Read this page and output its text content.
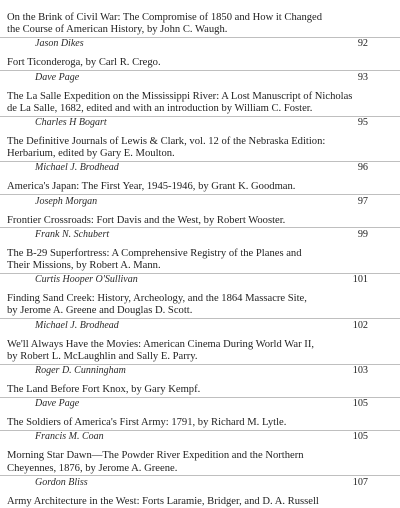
On the Brink of Civil War: The Compromise of 1850 and How it Changed
the Course of American History, by John C. Waugh.
Jason Dikes	92
Fort Ticonderoga, by Carl R. Crego.
Dave Page	93
The La Salle Expedition on the Mississippi River: A Lost Manuscript of Nicholas
de La Salle, 1682, edited and with an introduction by William C. Foster.
Charles H Bogart	95
The Definitive Journals of Lewis & Clark, vol. 12 of the Nebraska Edition:
Herbarium, edited by Gary E. Moulton.
Michael J. Brodhead	96
America's Japan: The First Year, 1945-1946, by Grant K. Goodman.
Joseph Morgan	97
Frontier Crossroads: Fort Davis and the West, by Robert Wooster.
Frank N. Schubert	99
The B-29 Superfortress: A Comprehensive Registry of the Planes and
Their Missions, by Robert A. Mann.
Curtis Hooper O'Sullivan	101
Finding Sand Creek: History, Archeology, and the 1864 Massacre Site,
by Jerome A. Greene and Douglas D. Scott.
Michael J. Brodhead	102
We'll Always Have the Movies: American Cinema During World War II,
by Robert L. McLaughlin and Sally E. Parry.
Roger D. Cunningham	103
The Land Before Fort Knox, by Gary Kempf.
Dave Page	105
The Soldiers of America's First Army: 1791, by Richard M. Lytle.
Francis M. Coan	105
Morning Star Dawn—The Powder River Expedition and the Northern
Cheyennes, 1876, by Jerome A. Greene.
Gordon Bliss	107
Army Architecture in the West: Forts Laramie, Bridger, and D. A. Russell
